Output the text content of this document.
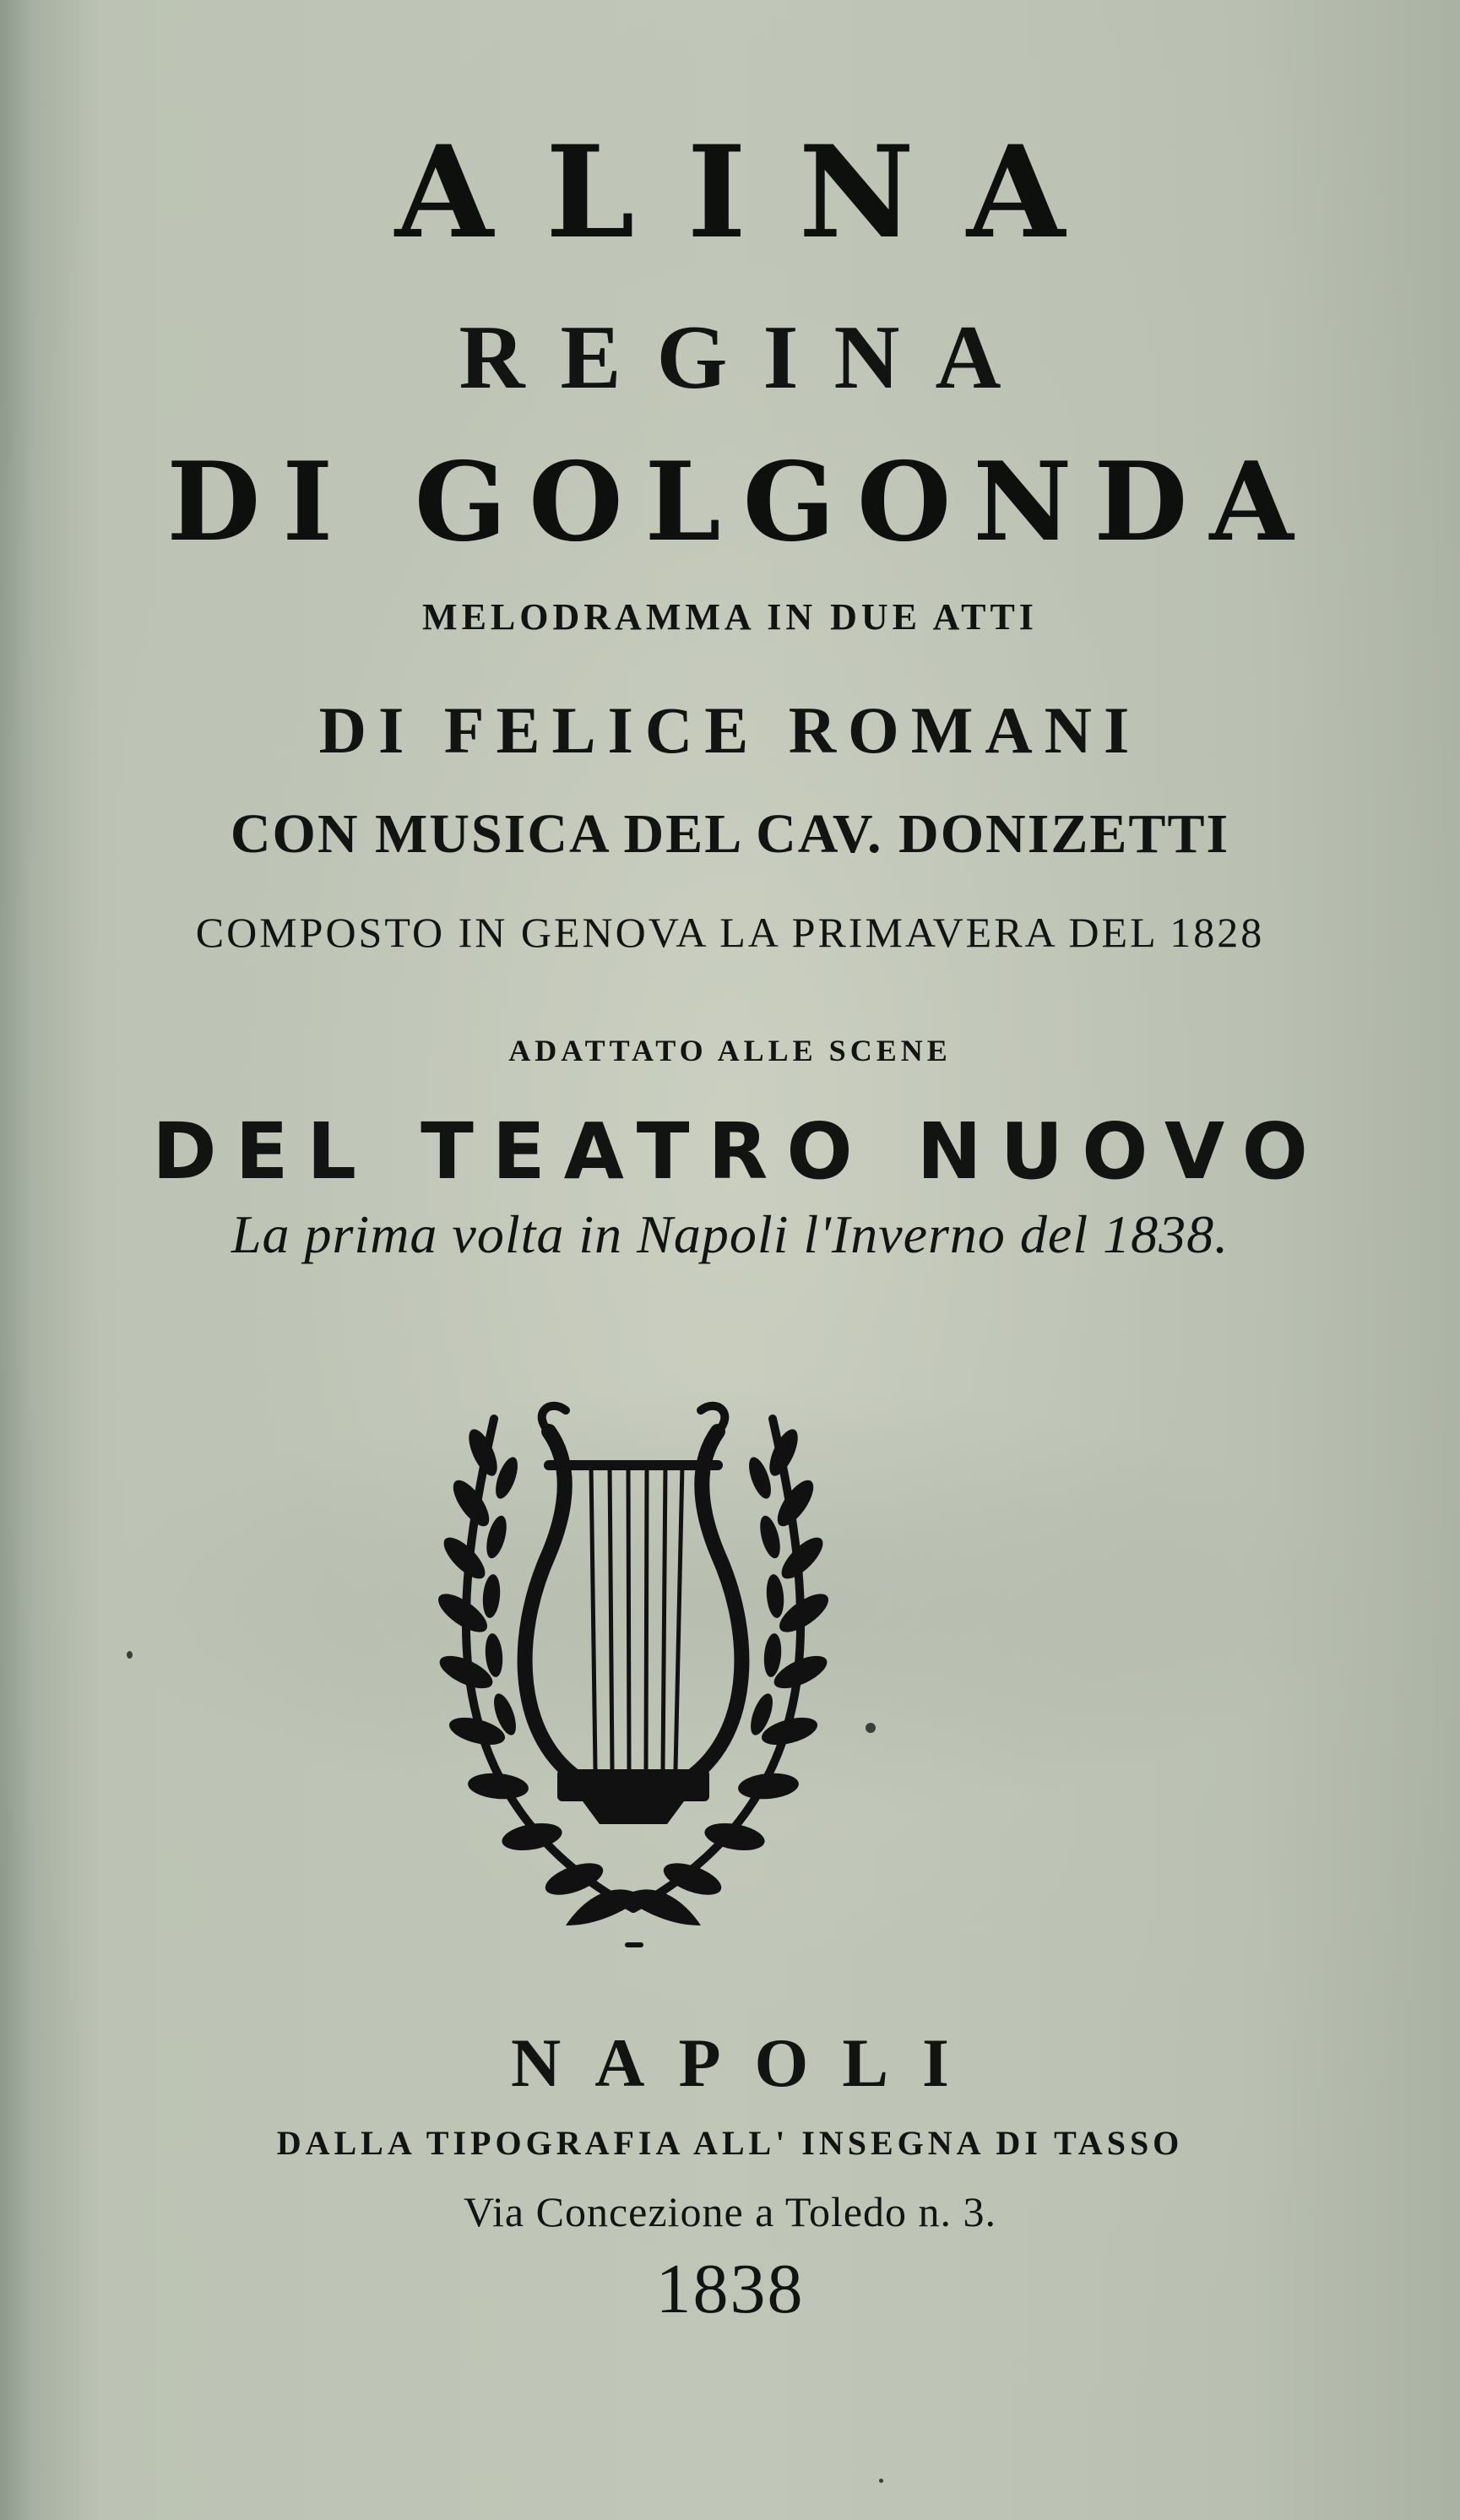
ALINA
REGINA
DI GOLGONDA
MELODRAMMA IN DUE ATTI
DI FELICE ROMANI
CON MUSICA DEL CAV. DONIZETTI
COMPOSTO IN GENOVA LA PRIMAVERA DEL 1828
ADATTATO ALLE SCENE
DEL TEATRO NUOVO
La prima volta in Napoli l'Inverno del 1838.
NAPOLI
DALLA TIPOGRAFIA ALL' INSEGNA DI TASSO
Via Concezione a Toledo n. 3.
1838
